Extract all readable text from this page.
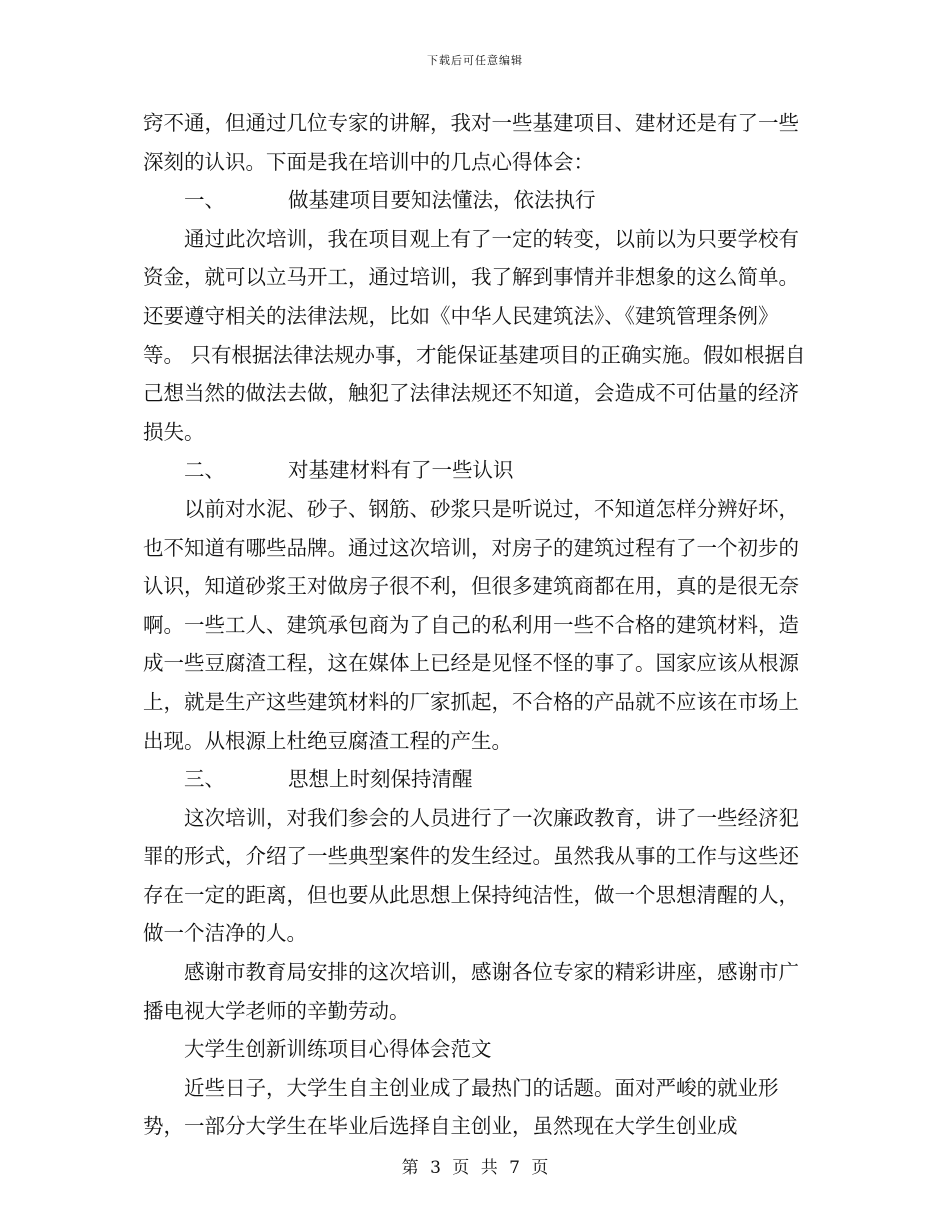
下载后可任意编辑

窍不通，但通过几位专家的讲解，我对一些基建项目、建材还是有了一些深刻的认识。下面是我在培训中的几点心得体会：

一、	做基建项目要知法懂法，依法执行

通过此次培训，我在项目观上有了一定的转变，以前以为只要学校有资金，就可以立马开工，通过培训，我了解到事情并非想象的这么简单。还要遵守相关的法律法规，比如《中华人民建筑法》、《建筑管理条例》等。 只有根据法律法规办事，才能保证基建项目的正确实施。假如根据自己想当然的做法去做，触犯了法律法规还不知道，会造成不可估量的经济损失。

二、	对基建材料有了一些认识

以前对水泥、砂子、钢筋、砂浆只是听说过，不知道怎样分辨好坏，也不知道有哪些品牌。通过这次培训，对房子的建筑过程有了一个初步的认识，知道砂浆王对做房子很不利，但很多建筑商都在用，真的是很无奈啊。一些工人、建筑承包商为了自己的私利用一些不合格的建筑材料，造成一些豆腐渣工程，这在媒体上已经是见怪不怪的事了。国家应该从根源上，就是生产这些建筑材料的厂家抓起，不合格的产品就不应该在市场上出现。从根源上杜绝豆腐渣工程的产生。

三、	思想上时刻保持清醒

这次培训，对我们参会的人员进行了一次廉政教育，讲了一些经济犯罪的形式，介绍了一些典型案件的发生经过。虽然我从事的工作与这些还存在一定的距离，但也要从此思想上保持纯洁性，做一个思想清醒的人，做一个洁净的人。

感谢市教育局安排的这次培训，感谢各位专家的精彩讲座，感谢市广播电视大学老师的辛勤劳动。

大学生创新训练项目心得体会范文

近些日子，大学生自主创业成了最热门的话题。面对严峻的就业形势，一部分大学生在毕业后选择自主创业，虽然现在大学生创业成

第 3 页 共 7 页
